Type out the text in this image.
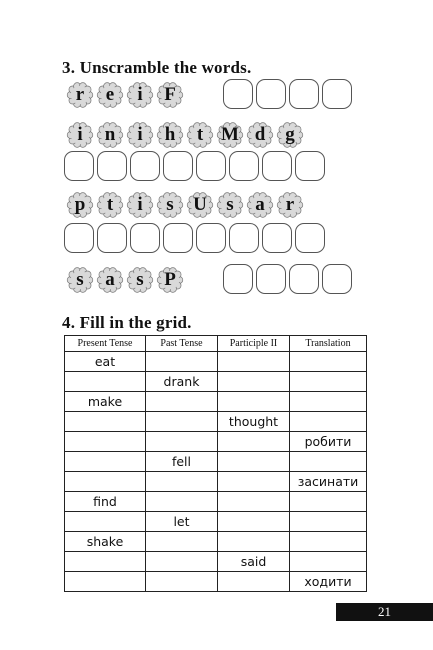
3. Unscramble the words.
r	e	i	F
i	n	i	h	t M d	g
p	t	i	s	U	s	a	r
s	a	s	P
4. Fill in the grid.
Present Tense	Past Tense	Participle II	Translation
eat			
	drank		
make			
		thought	
			робити
	fell		
			засинати
find			
	let		
shake			
		said	
			ходити
21
